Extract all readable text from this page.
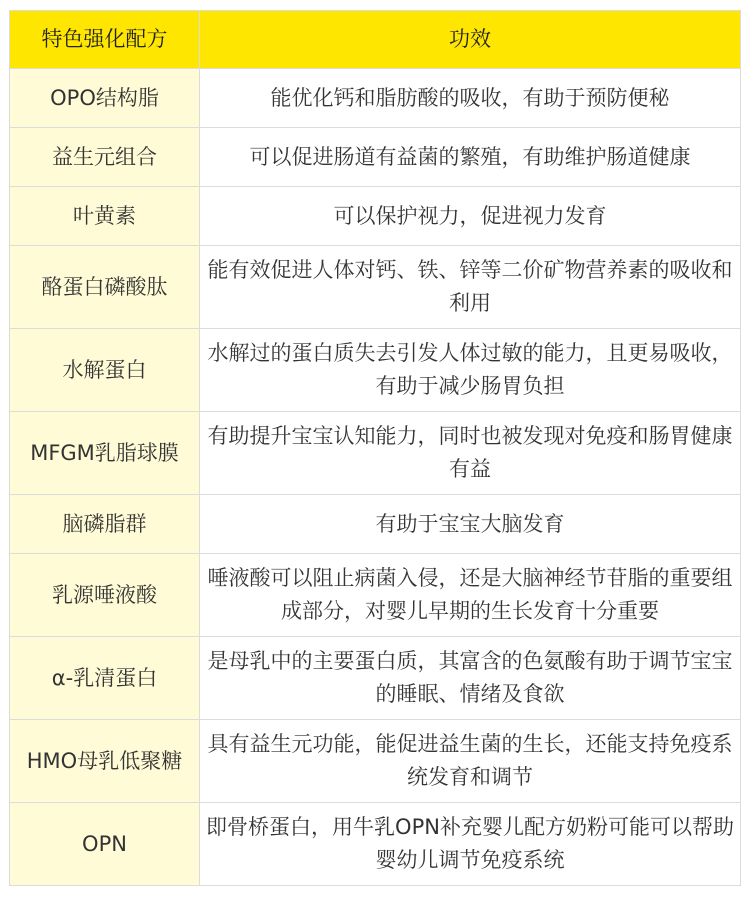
特色强化配方	功效
OPO结构脂	能优化钙和脂肪酸的吸收，有助于预防便秘
益生元组合	可以促进肠道有益菌的繁殖，有助维护肠道健康
叶黄素	可以保护视力，促进视力发育
酪蛋白磷酸肽	能有效促进人体对钙、铁、锌等二价矿物营养素的吸收和利用
水解蛋白	水解过的蛋白质失去引发人体过敏的能力，且更易吸收，有助于减少肠胃负担
MFGM乳脂球膜	有助提升宝宝认知能力，同时也被发现对免疫和肠胃健康有益
脑磷脂群	有助于宝宝大脑发育
乳源唾液酸	唾液酸可以阻止病菌入侵，还是大脑神经节苷脂的重要组成部分，对婴儿早期的生长发育十分重要
α-乳清蛋白	是母乳中的主要蛋白质，其富含的色氨酸有助于调节宝宝的睡眠、情绪及食欲
HMO母乳低聚糖	具有益生元功能，能促进益生菌的生长，还能支持免疫系统发育和调节
OPN	即骨桥蛋白，用牛乳OPN补充婴儿配方奶粉可能可以帮助婴幼儿调节免疫系统
